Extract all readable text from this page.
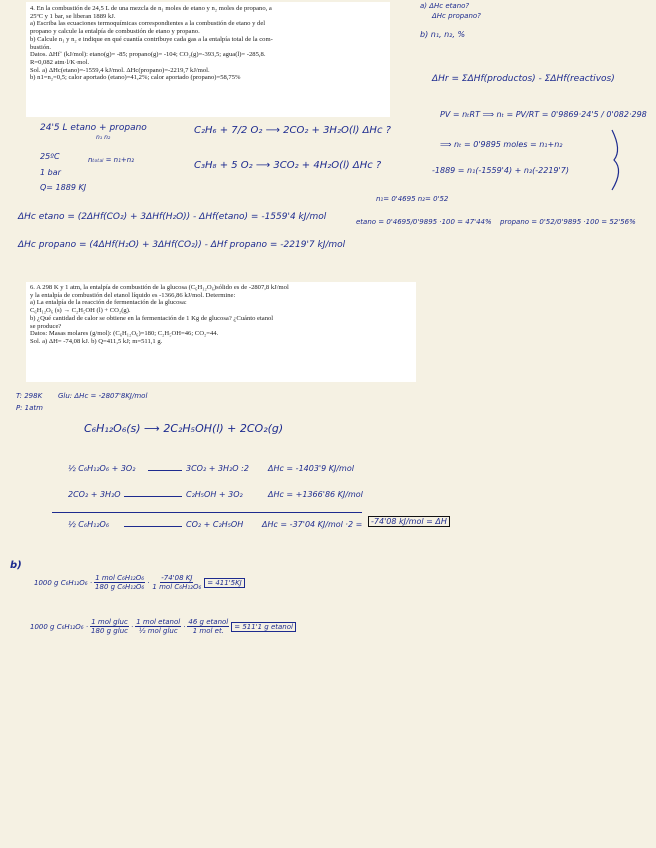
4. En la combustión de 24,5 L de una mezcla de n₁ moles de etano y n₂ moles de propano, a

25ºC y 1 bar, se liberan 1889 kJ.

a) Escriba las ecuaciones termoquímicas correspondientes a la combustión de etano y del

propano y calcule la entalpía de combustión de etano y propano.

b) Calcule n₁ y n₂ e indique en qué cuantía contribuye cada gas a la entalpía total de la com-

bustión.

Datos. ΔHf˚ (kJ/mol): etano(g)= -85; propano(g)= -104; CO₂(g)=-393,5; agua(l)= -285,8.

R=0,082 atm·l/K·mol.

Sol. a) ΔHc(etano)=-1559,4 kJ/mol. ΔHc(propano)=-2219,7 kJ/mol.

b) n1=n₂=0,5; calor aportado (etano)=41,2%; calor aportado (propano)=58,75%

a) ΔHc etano?
ΔHc propano?
b) n₁, n₂, %
ΔHr = ΣΔHf(productos) - ΣΔHf(reactivos)
24'5 L etano + propano
n₁ n₂
25ºC
1 bar
Q= 1889 KJ
nₜₒₜₐₗ = n₁+n₂
C₂H₆ + 7/2 O₂ ⟶ 2CO₂ + 3H₂O(l) ΔHc ?
C₃H₈ + 5 O₂ ⟶ 3CO₂ + 4H₂O(l) ΔHc ?
PV = nₜRT ⟹ nₜ = PV/RT = 0'9869·24'5 / 0'082·298
⟹ nₜ = 0'9895 moles = n₁+n₂
-1889 = n₁(-1559'4) + n₂(-2219'7)
n₁= 0'4695 n₂= 0'52
etano = 0'4695/0'9895 ·100 = 47'44% propano = 0'52/0'9895 ·100 = 52'56%
ΔHc etano = (2ΔHf(CO₂) + 3ΔHf(H₂O)) - ΔHf(etano) = -1559'4 kJ/mol
ΔHc propano = (4ΔHf(H₂O) + 3ΔHf(CO₂)) - ΔHf propano = -2219'7 kJ/mol

6. A 298 K y 1 atm, la entalpía de combustión de la glucosa (C₆H₁₂O₆)sólido es de -2807,8 kJ/mol

y la entalpía de combustión del etanol líquido es -1366,86 kJ/mol. Determine:

a) La entalpía de la reacción de fermentación de la glucosa:

C₆H₁₂O₆ (s) → C₂H₅OH (l) + CO₂(g).

b) ¿Qué cantidad de calor se obtiene en la fermentación de 1 Kg de glucosa? ¿Cuánto etanol

se produce?

Datos: Masas molares (g/mol): (C₆H₁₂O₆)=180; C₂H₅OH=46; CO₂=44.

Sol. a) ΔH= -74,08 kJ. b) Q=411,5 kJ; m=511,1 g.

T: 298K
P: 1atm
Glu: ΔHc = -2807'8KJ/mol
C₆H₁₂O₆(s) ⟶ 2C₂H₅OH(l) + 2CO₂(g)
½ C₆H₁₂O₆ + 3O₂	3CO₂ + 3H₂O :2 ΔHc = -1403'9 KJ/mol
2CO₂ + 3H₂O	C₂H₅OH + 3O₂	ΔHc = +1366'86 KJ/mol
½ C₆H₁₂O₆	CO₂ + C₂H₅OH ΔHc = -37'04 KJ/mol ·2 =	-74'08 kJ/mol = ΔH
b)
1000 g $C_6H_{12}O_6 \cdot \frac{\text{1 mol C₆H₁₂O₆}}{\text{180 g C₆H₁₂O₆}} \cdot \frac{-74'08 KJ}{\text{1 mol C₆H₁₂O₆}} = 411'5KJ$
1000 g $C_6H_{12}O_6 \cdot \frac{\text{1 mol gluc}}{\text{180 g gluc}} \cdot \frac{\text{1 mol etanol}}{\text{½ mol gluc}} \cdot \frac{\text{46 g etanol}}{\text{1 mol et.}} = 511'1$ g etanol
